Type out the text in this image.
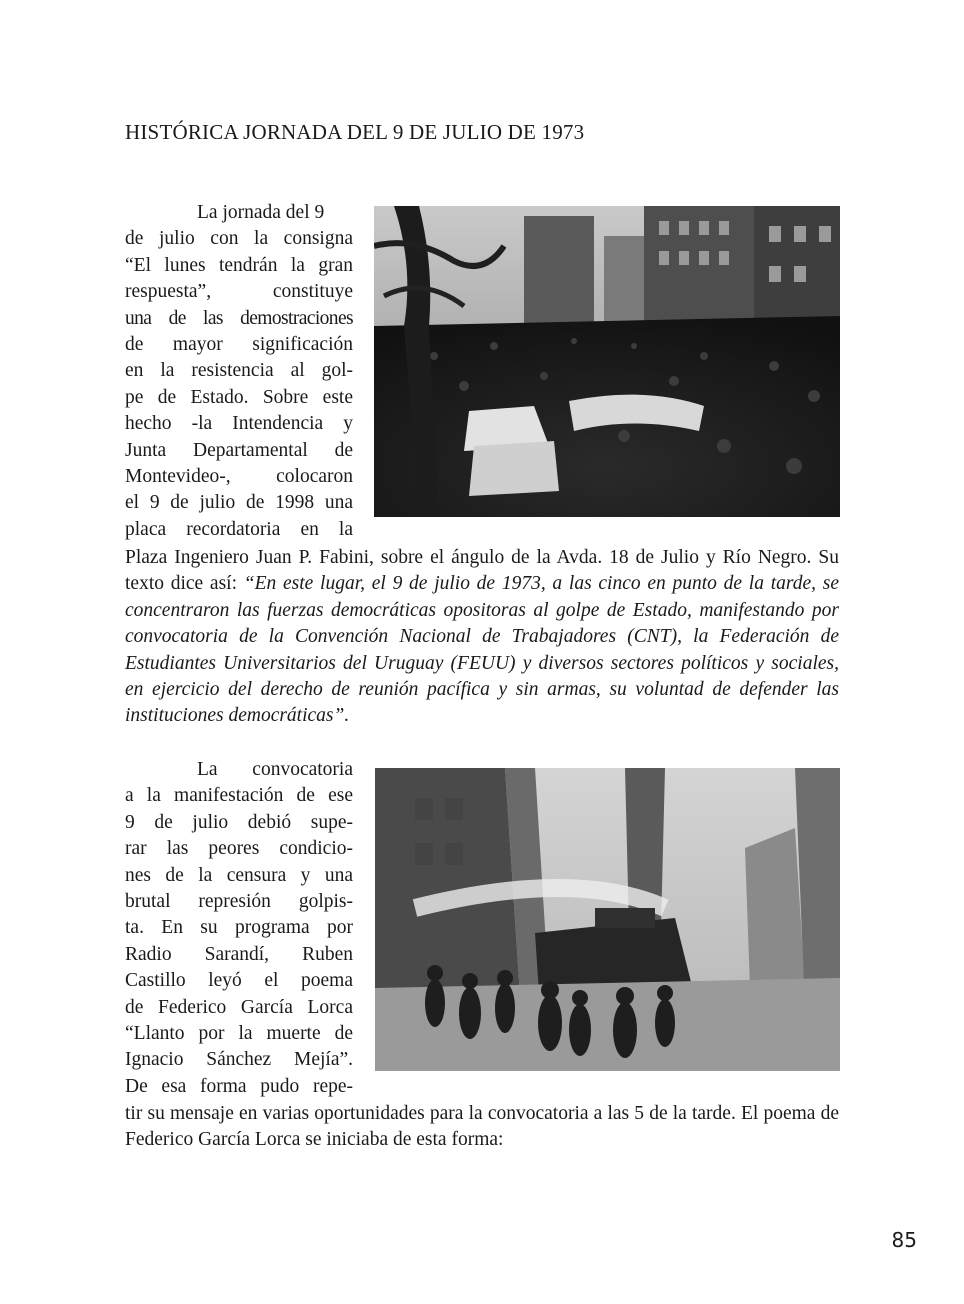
HISTÓRICA JORNADA DEL 9 DE JULIO DE 1973
La jornada del 9
de julio con la consigna
“El lunes tendrán la gran
respuesta”, constituye
una de las demostraciones
de mayor significación
en la resistencia al gol-
pe de Estado. Sobre este
hecho -la Intendencia y
Junta Departamental de
Montevideo-, colocaron
el 9 de julio de 1998 una
placa recordatoria en la
Plaza Ingeniero Juan P. Fabini, sobre el ángulo de la Avda. 18 de Julio y Río Negro. Su texto dice así: “En este lugar, el 9 de julio de 1973, a las cinco en punto de la tarde, se concentraron las fuerzas democráticas opositoras al golpe de Estado, manifestando por convocatoria de la Convención Nacional de Trabajadores (CNT), la Federación de Estudiantes Universitarios del Uruguay (FEUU) y diversos sectores políticos y sociales, en ejercicio del derecho de reunión pacífica y sin armas, su voluntad de defender las instituciones democráticas”.
La convocatoria
a la manifestación de ese
9 de julio debió supe-
rar las peores condicio-
nes de la censura y una
brutal represión golpis-
ta. En su programa por
Radio Sarandí, Ruben
Castillo leyó el poema
de Federico García Lorca
“Llanto por la muerte de
Ignacio Sánchez Mejía”.
De esa forma pudo repe-
tir su mensaje en varias oportunidades para la convocatoria a las 5 de la tarde. El poema de Federico García Lorca se iniciaba de esta forma:
85
